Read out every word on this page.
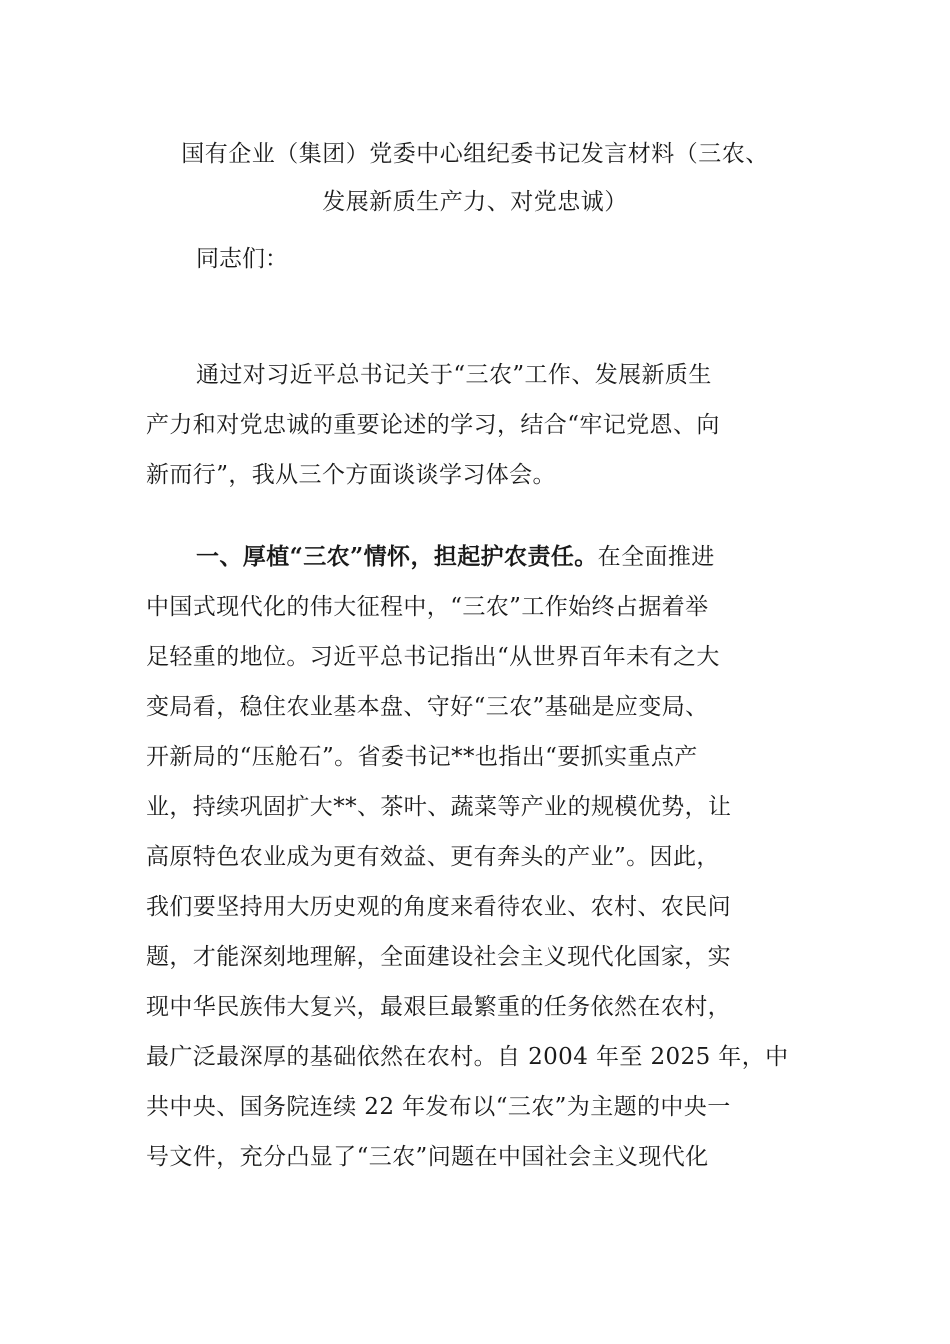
国有企业（集团）党委中心组纪委书记发言材料（三农、
发展新质生产力、对党忠诚）
同志们：
通过对习近平总书记关于“三农”工作、发展新质生
产力和对党忠诚的重要论述的学习，结合“牢记党恩、向
新而行”，我从三个方面谈谈学习体会。
一、厚植“三农”情怀，担起护农责任。在全面推进
中国式现代化的伟大征程中，“三农”工作始终占据着举
足轻重的地位。习近平总书记指出“从世界百年未有之大
变局看，稳住农业基本盘、守好“三农”基础是应变局、
开新局的“压舱石”。省委书记**也指出“要抓实重点产
业，持续巩固扩大**、茶叶、蔬菜等产业的规模优势，让
高原特色农业成为更有效益、更有奔头的产业”。因此，
我们要坚持用大历史观的角度来看待农业、农村、农民问
题，才能深刻地理解，全面建设社会主义现代化国家，实
现中华民族伟大复兴，最艰巨最繁重的任务依然在农村，
最广泛最深厚的基础依然在农村。自 2004 年至 2025 年，中
共中央、国务院连续 22 年发布以“三农”为主题的中央一
号文件，充分凸显了“三农”问题在中国社会主义现代化
